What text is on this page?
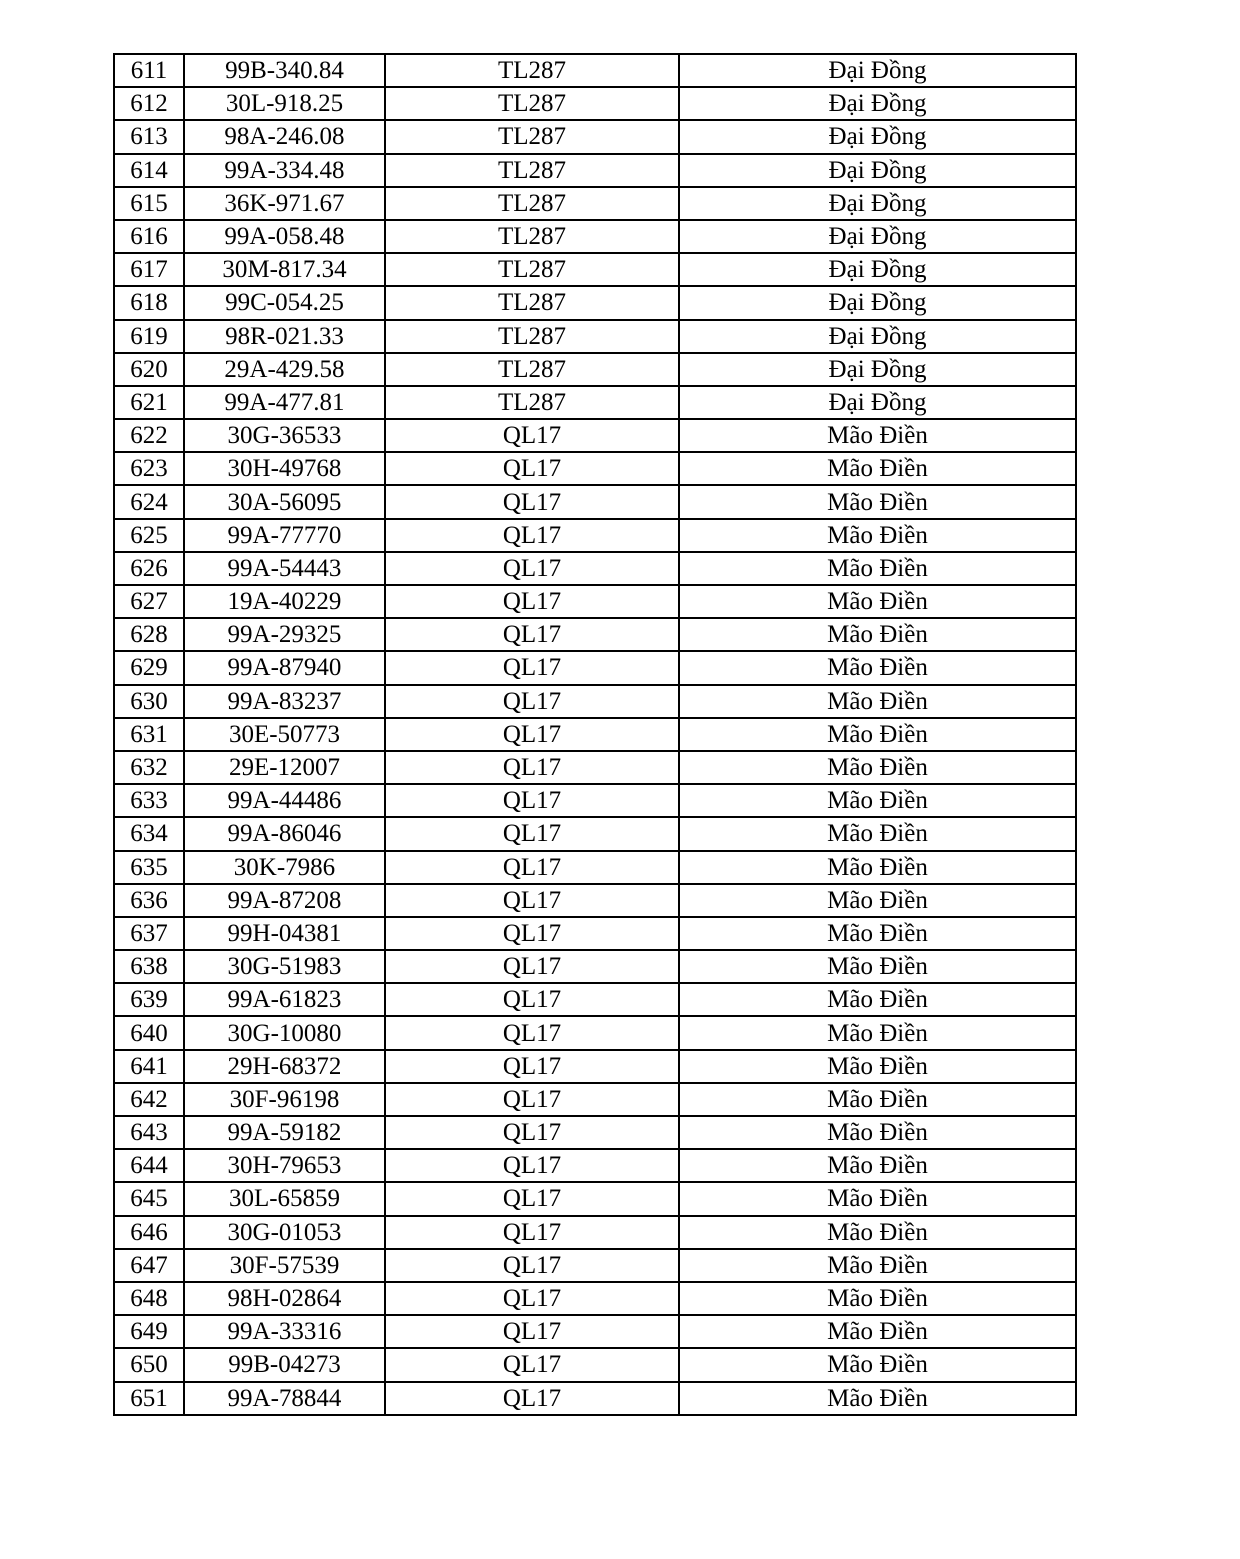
611	99B-340.84	TL287	Đại Đồng
612	30L-918.25	TL287	Đại Đồng
613	98A-246.08	TL287	Đại Đồng
614	99A-334.48	TL287	Đại Đồng
615	36K-971.67	TL287	Đại Đồng
616	99A-058.48	TL287	Đại Đồng
617	30M-817.34	TL287	Đại Đồng
618	99C-054.25	TL287	Đại Đồng
619	98R-021.33	TL287	Đại Đồng
620	29A-429.58	TL287	Đại Đồng
621	99A-477.81	TL287	Đại Đồng
622	30G-36533	QL17	Mão Điền
623	30H-49768	QL17	Mão Điền
624	30A-56095	QL17	Mão Điền
625	99A-77770	QL17	Mão Điền
626	99A-54443	QL17	Mão Điền
627	19A-40229	QL17	Mão Điền
628	99A-29325	QL17	Mão Điền
629	99A-87940	QL17	Mão Điền
630	99A-83237	QL17	Mão Điền
631	30E-50773	QL17	Mão Điền
632	29E-12007	QL17	Mão Điền
633	99A-44486	QL17	Mão Điền
634	99A-86046	QL17	Mão Điền
635	30K-7986	QL17	Mão Điền
636	99A-87208	QL17	Mão Điền
637	99H-04381	QL17	Mão Điền
638	30G-51983	QL17	Mão Điền
639	99A-61823	QL17	Mão Điền
640	30G-10080	QL17	Mão Điền
641	29H-68372	QL17	Mão Điền
642	30F-96198	QL17	Mão Điền
643	99A-59182	QL17	Mão Điền
644	30H-79653	QL17	Mão Điền
645	30L-65859	QL17	Mão Điền
646	30G-01053	QL17	Mão Điền
647	30F-57539	QL17	Mão Điền
648	98H-02864	QL17	Mão Điền
649	99A-33316	QL17	Mão Điền
650	99B-04273	QL17	Mão Điền
651	99A-78844	QL17	Mão Điền
